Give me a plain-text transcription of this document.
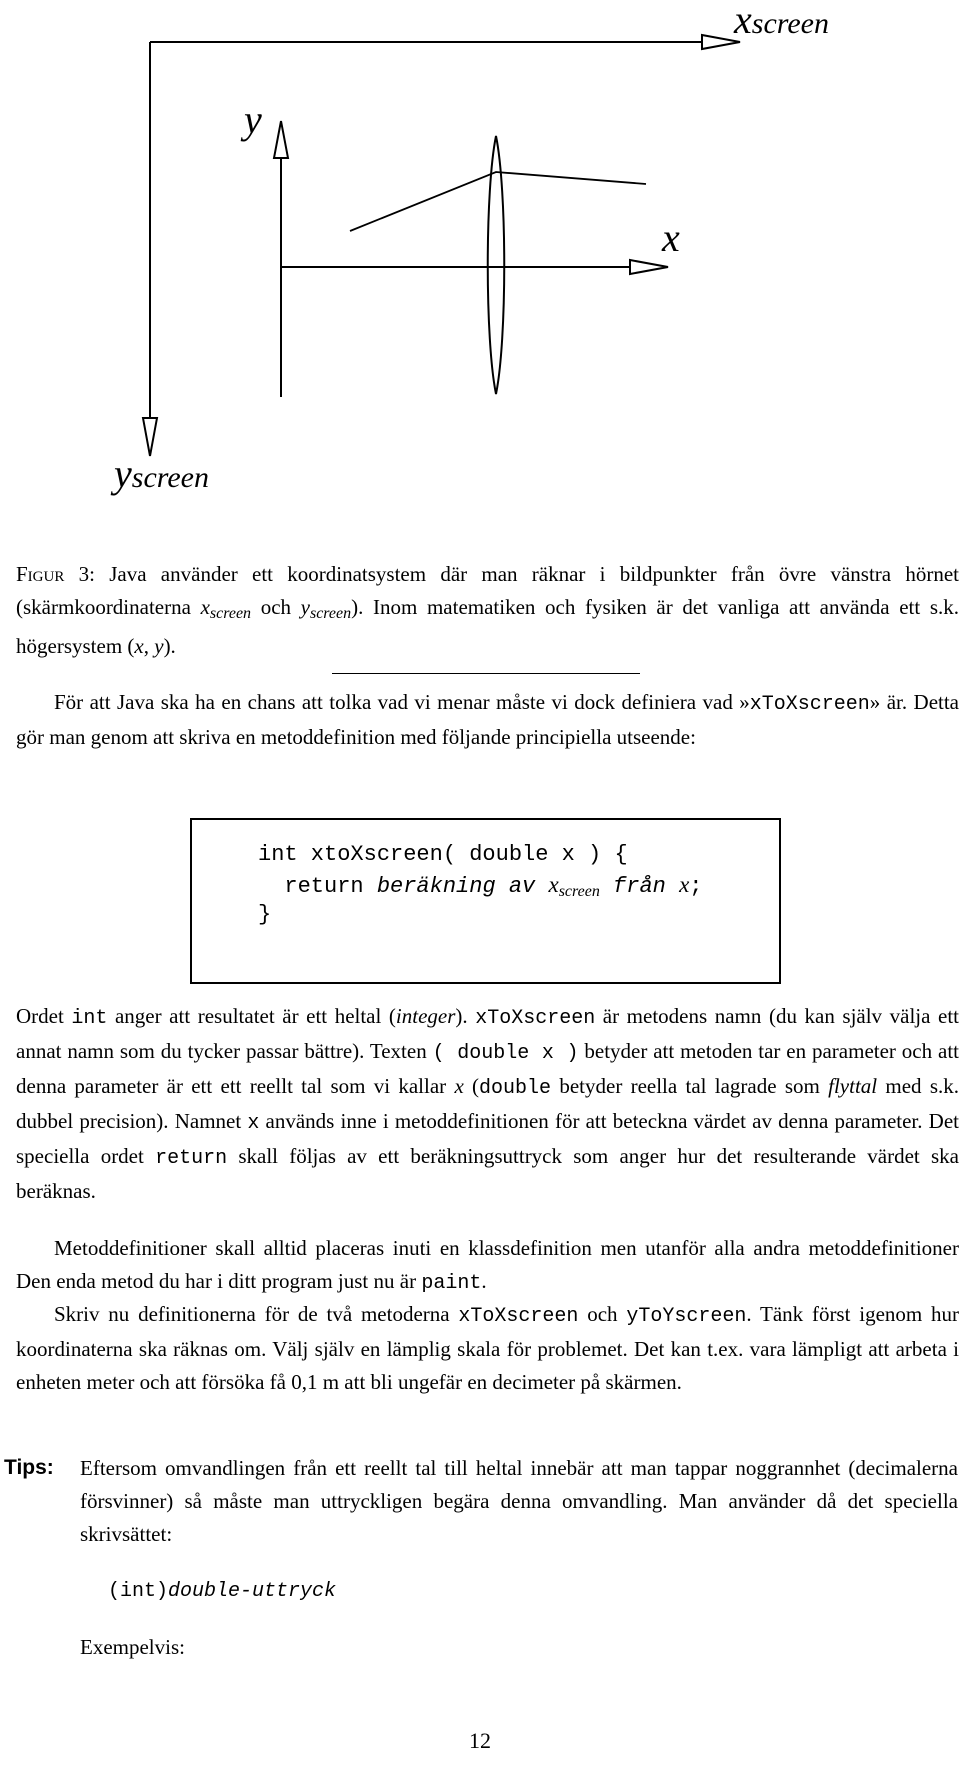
xscreen
y
x
yscreen
Figur 3: Java använder ett koordinatsystem där man räknar i bildpunkter från övre vänstra hörnet (skärmkoordinaterna $x_{screen}$ och $y_{screen}$). Inom matematiken och fysiken är det vanliga att använda ett s.k. högersystem (x, y).
För att Java ska ha en chans att tolka vad vi menar måste vi dock definiera vad »xToXscreen» är. Detta gör man genom att skriva en metoddefinition med följande principiella utseende:
int xtoXscreen( double x ) {
return beräkning av $x_{screen}$ från x;
}
Ordet int anger att resultatet är ett heltal (integer). xToXscreen är metodens namn (du kan själv välja ett annat namn som du tycker passar bättre). Texten ( double x ) betyder att metoden tar en parameter och att denna parameter är ett ett reellt tal som vi kallar x (double betyder reella tal lagrade som flyttal med s.k. dubbel precision). Namnet x används inne i metoddefinitionen för att beteckna värdet av denna parameter. Det speciella ordet return skall följas av ett beräkningsuttryck som anger hur det resulterande värdet ska beräknas.
Metoddefinitioner skall alltid placeras inuti en klassdefinition men utanför alla andra metoddefinitioner Den enda metod du har i ditt program just nu är paint.
Skriv nu definitionerna för de två metoderna xToXscreen och yToYscreen. Tänk först igenom hur koordinaterna ska räknas om. Välj själv en lämplig skala för problemet. Det kan t.ex. vara lämpligt att arbeta i enheten meter och att försöka få 0,1 m att bli ungefär en decimeter på skärmen.
Tips: Eftersom omvandlingen från ett reellt tal till heltal innebär att man tappar noggrannhet (decimalerna försvinner) så måste man uttryckligen begära denna omvandling. Man använder då det speciella skrivsättet:
(int)double-uttryck
Exempelvis:
12
